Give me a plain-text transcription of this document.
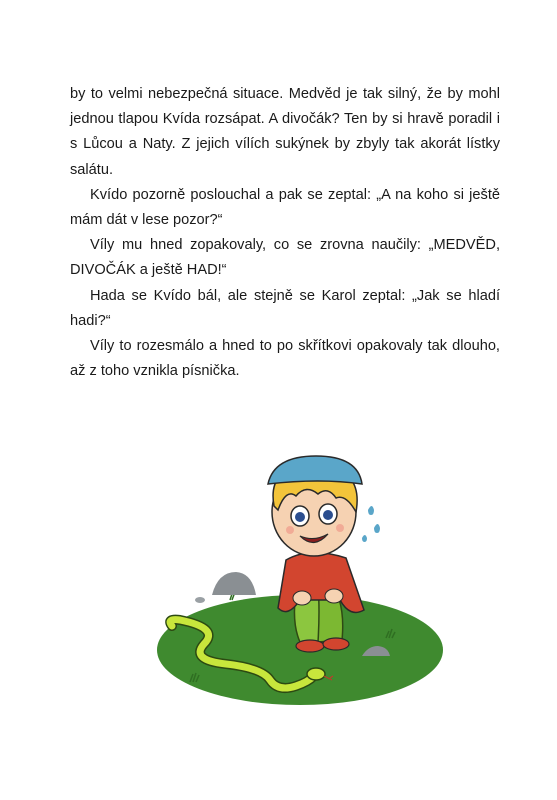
by to velmi nebezpečná situace. Medvěd je tak silný, že by mohl jednou tlapou Kvída rozsápat. A divočák? Ten by si hravě poradil i s Lůcou a Naty. Z jejich vílích sukýnek by zbyly tak akorát lístky salátu.

Kvído pozorně poslouchal a pak se zeptal: „A na koho si ještě mám dát v lese pozor?“

Víly mu hned zopakovaly, co se zrovna naučily: „MEDVĚD, DIVOČÁK a ještě HAD!“

Hada se Kvído bál, ale stejně se Karol zeptal: „Jak se hladí hadi?“

Víly to rozesmálo a hned to po skřítkovi opakovaly tak dlouho, až z toho vznikla písnička.
